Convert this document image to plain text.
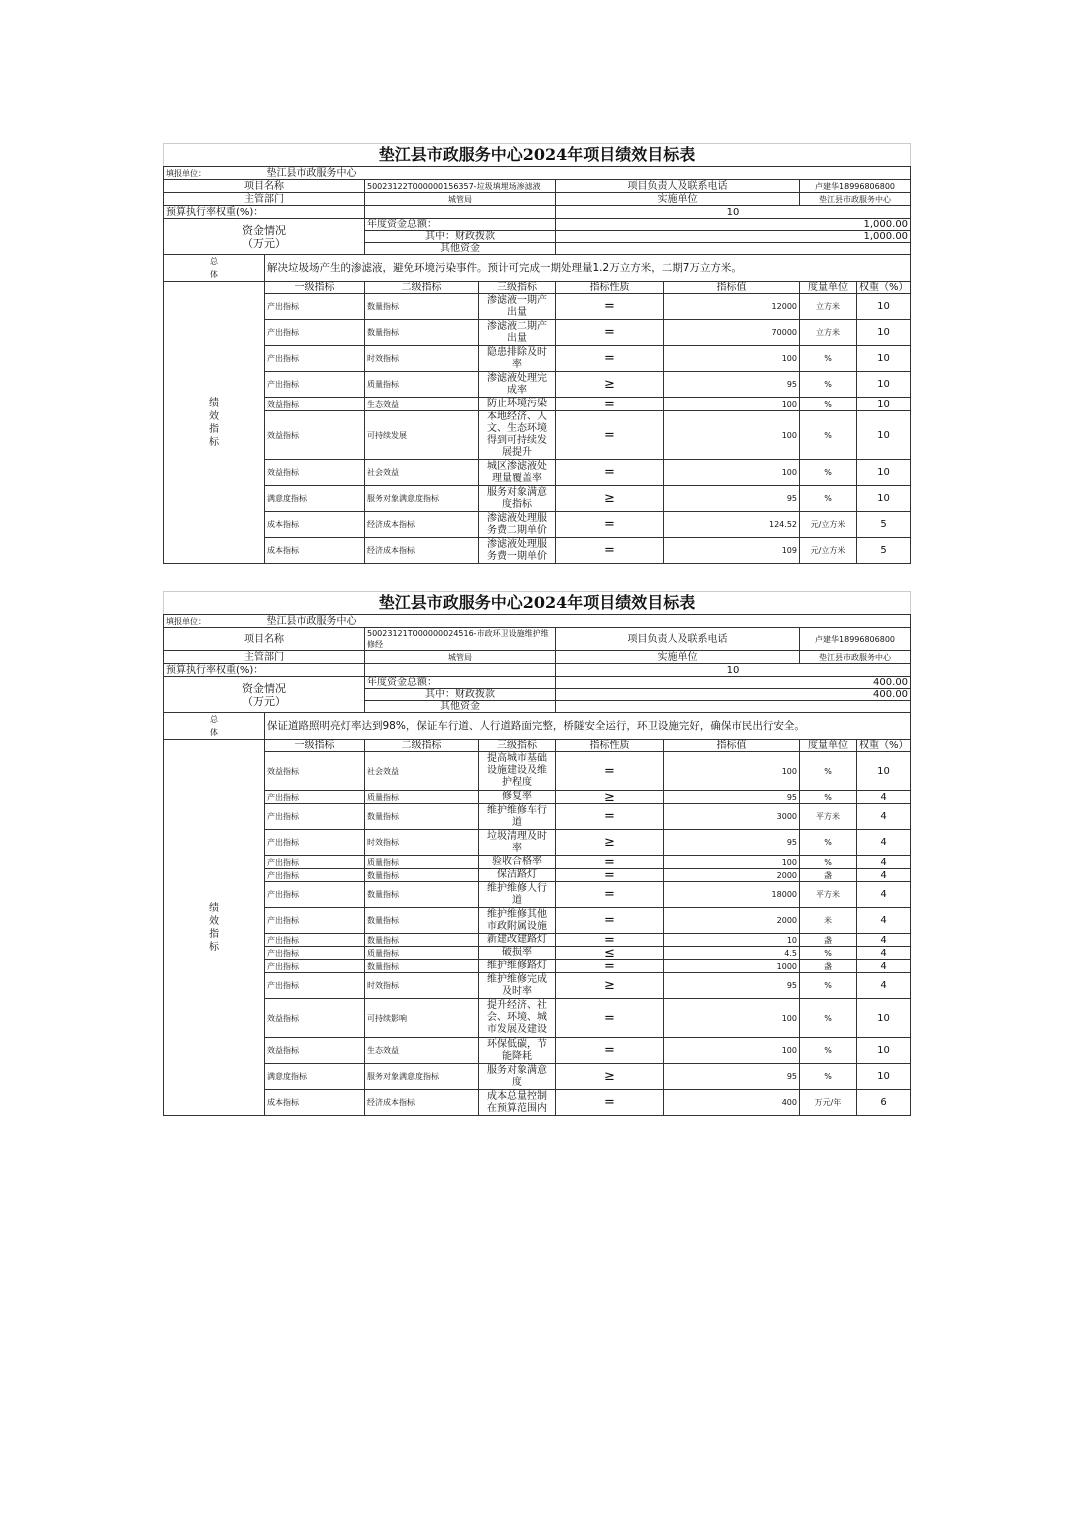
垫江县市政服务中心2024年项目绩效目标表							
填报单位：	垫江县市政服务中心						
项目名称		50023122T000000156357-垃圾填埋场渗滤液		项目负责人及联系电话		卢建华18996806800	
主管部门		城管局		实施单位		垫江县市政服务中心	
预算执行率权重(%)：				10			
资金情况
（万元）		年度资金总额：		1,000.00			
		其中：财政拨款		1,000.00			
		其他资金					
总
体	解决垃圾场产生的渗滤液，避免环境污染事件。预计可完成一期处理量1.2万立方米，二期7万立方米。						
绩
效
指
标	一级指标	二级指标	三级指标	指标性质	指标值	度量单位	权重（%）
	产出指标	数量指标	渗滤液一期产出量	=	12000	立方米	10
	产出指标	数量指标	渗滤液二期产出量	=	70000	立方米	10
	产出指标	时效指标	隐患排除及时率	=	100	%	10
	产出指标	质量指标	渗滤液处理完成率	≥	95	%	10
	效益指标	生态效益	防止环境污染	=	100	%	10
	效益指标	可持续发展	本地经济、人文、生态环境得到可持续发展提升	=	100	%	10
	效益指标	社会效益	城区渗滤液处理量覆盖率	=	100	%	10
	满意度指标	服务对象满意度指标	服务对象满意度指标	≥	95	%	10
	成本指标	经济成本指标	渗滤液处理服务费二期单价	=	124.52	元/立方米	5
	成本指标	经济成本指标	渗滤液处理服务费一期单价	=	109	元/立方米	5
垫江县市政服务中心2024年项目绩效目标表							
填报单位：	垫江县市政服务中心						
项目名称		50023121T000000024516-市政环卫设施维护维修经		项目负责人及联系电话		卢建华18996806800	
主管部门		城管局		实施单位		垫江县市政服务中心	
预算执行率权重(%)：				10			
资金情况
（万元）		年度资金总额：		400.00			
		其中：财政拨款		400.00			
		其他资金					
总
体	保证道路照明亮灯率达到98%，保证车行道、人行道路面完整，桥隧安全运行，环卫设施完好，确保市民出行安全。						
绩
效
指
标	一级指标	二级指标	三级指标	指标性质	指标值	度量单位	权重（%）
	效益指标	社会效益	提高城市基础设施建设及维护程度	=	100	%	10
	产出指标	质量指标	修复率	≥	95	%	4
	产出指标	数量指标	维护维修车行道	=	3000	平方米	4
	产出指标	时效指标	垃圾清理及时率	≥	95	%	4
	产出指标	质量指标	验收合格率	=	100	%	4
	产出指标	数量指标	保洁路灯	=	2000	盏	4
	产出指标	数量指标	维护维修人行道	=	18000	平方米	4
	产出指标	数量指标	维护维修其他市政附属设施	=	2000	米	4
	产出指标	数量指标	新建改建路灯	=	10	盏	4
	产出指标	质量指标	破损率	≤	4.5	%	4
	产出指标	数量指标	维护维修路灯	=	1000	盏	4
	产出指标	时效指标	维护维修完成及时率	≥	95	%	4
	效益指标	可持续影响	提升经济、社会、环境、城市发展及建设	=	100	%	10
	效益指标	生态效益	环保低碳，节能降耗	=	100	%	10
	满意度指标	服务对象满意度指标	服务对象满意度	≥	95	%	10
	成本指标	经济成本指标	成本总量控制在预算范围内	=	400	万元/年	6
